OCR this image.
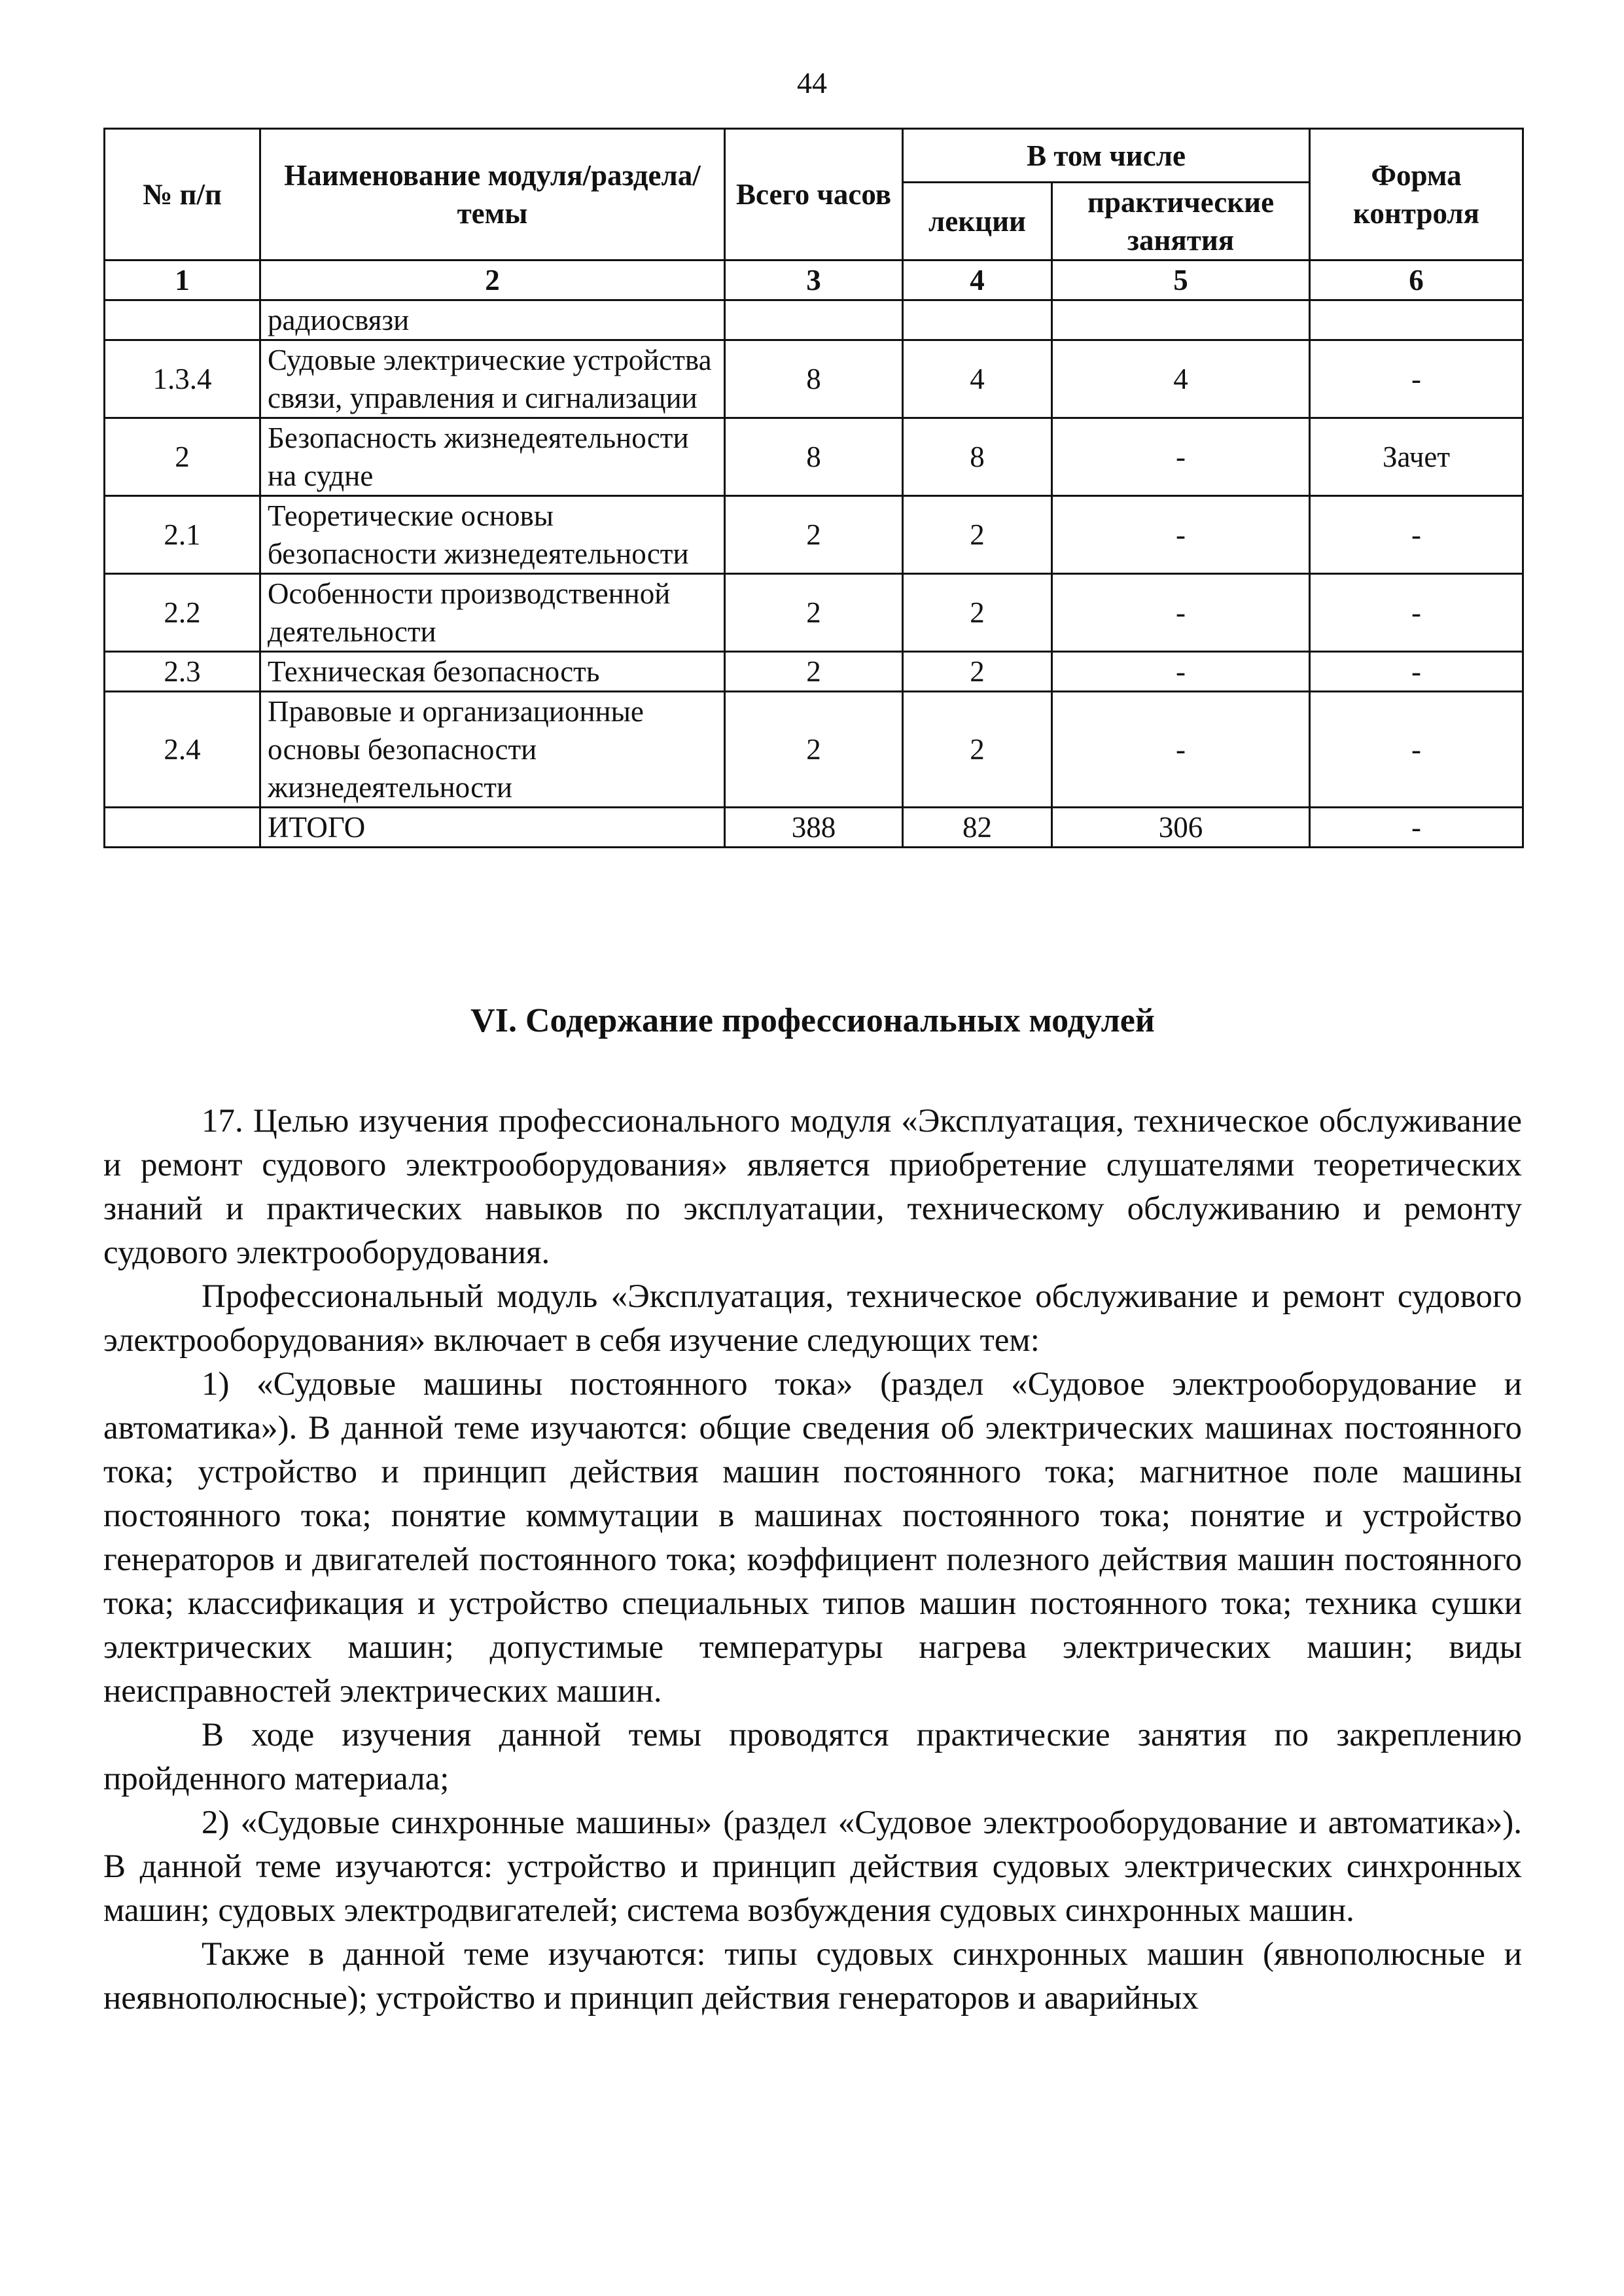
44
№ п/п	Наименование модуля/раздела/темы	Всего часов	В том числе		Форма контроля
			лекции	практические занятия	
1	2	3	4	5	6
	радиосвязи				
1.3.4	Судовые электрические устройства связи, управления и сигнализации	8	4	4	-
2	Безопасность жизнедеятельности на судне	8	8	-	Зачет
2.1	Теоретические основы безопасности жизнедеятельности	2	2	-	-
2.2	Особенности производственной деятельности	2	2	-	-
2.3	Техническая безопасность	2	2	-	-
2.4	Правовые и организационные основы безопасности жизнедеятельности	2	2	-	-
	ИТОГО	388	82	306	-
VI. Содержание профессиональных модулей

17. Целью изучения профессионального модуля «Эксплуатация, техническое обслуживание и ремонт судового электрооборудования» является приобретение слушателями теоретических знаний и практических навыков по эксплуатации, техническому обслуживанию и ремонту судового электрооборудования.

Профессиональный модуль «Эксплуатация, техническое обслуживание и ремонт судового электрооборудования» включает в себя изучение следующих тем:

1) «Судовые машины постоянного тока» (раздел «Судовое электрооборудование и автоматика»). В данной теме изучаются: общие сведения об электрических машинах постоянного тока; устройство и принцип действия машин постоянного тока; магнитное поле машины постоянного тока; понятие коммутации в машинах постоянного тока; понятие и устройство генераторов и двигателей постоянного тока; коэффициент полезного действия машин постоянного тока; классификация и устройство специальных типов машин постоянного тока; техника сушки электрических машин; допустимые температуры нагрева электрических машин; виды неисправностей электрических машин.

В ходе изучения данной темы проводятся практические занятия по закреплению пройденного материала;

2) «Судовые синхронные машины» (раздел «Судовое электрооборудование и автоматика»). В данной теме изучаются: устройство и принцип действия судовых электрических синхронных машин; судовых электродвигателей; система возбуждения судовых синхронных машин.

Также в данной теме изучаются: типы судовых синхронных машин (явнополюсные и неявнополюсные); устройство и принцип действия генераторов и аварийных
